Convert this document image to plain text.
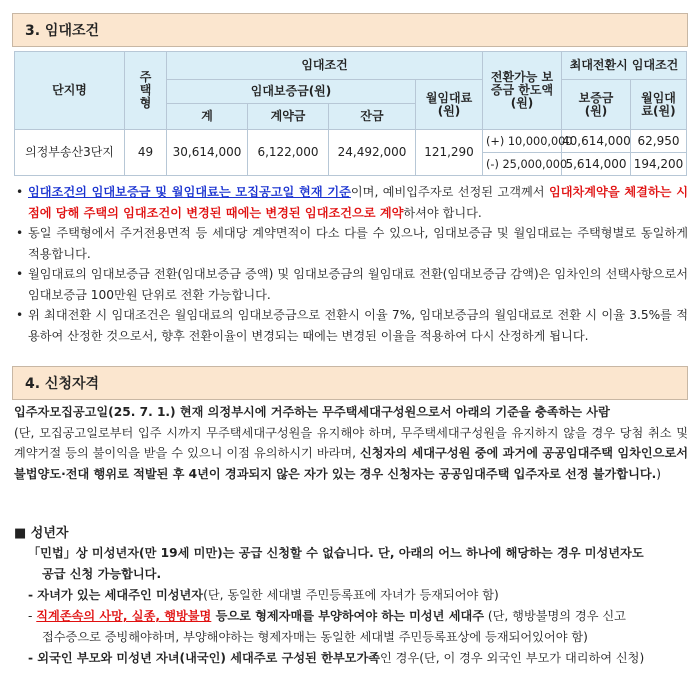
3. 임대조건
단지명	주택형	임대조건				전환가능 보증금 한도액(원)	최대전환시 임대조건	
		임대보증금(원)			월임대료(원)		보증금(원)	월임대료(원)
		계	계약금	잔금				
의정부송산3단지	49	30,614,000	6,122,000	24,492,000	121,290	(+) 10,000,000	40,614,000	62,950
						(-) 25,000,000	5,614,000	194,200
• 임대조건의 임대보증금 및 월임대료는 모집공고일 현재 기준이며, 예비입주자로 선정된 고객께서 임대차계약을 체결하는 시점에 당해 주택의 임대조건이 변경된 때에는 변경된 임대조건으로 계약하셔야 합니다.
• 동일 주택형에서 주거전용면적 등 세대당 계약면적이 다소 다를 수 있으나, 임대보증금 및 월임대료는 주택형별로 동일하게 적용합니다.
• 월임대료의 임대보증금 전환(임대보증금 증액) 및 임대보증금의 월임대료 전환(임대보증금 감액)은 임차인의 선택사항으로서 임대보증금 100만원 단위로 전환 가능합니다.
• 위 최대전환 시 임대조건은 월임대료의 임대보증금으로 전환시 이율 7%, 임대보증금의 월임대료로 전환 시 이율 3.5%를 적용하여 산정한 것으로서, 향후 전환이율이 변경되는 때에는 변경된 이율을 적용하여 다시 산정하게 됩니다.
4. 신청자격
입주자모집공고일(25. 7. 1.) 현재 의정부시에 거주하는 무주택세대구성원으로서 아래의 기준을 충족하는 사람
(단, 모집공고일로부터 입주 시까지 무주택세대구성원을 유지해야 하며, 무주택세대구성원을 유지하지 않을 경우 당첨 취소 및 계약거절 등의 불이익을 받을 수 있으니 이점 유의하시기 바라며, 신청자의 세대구성원 중에 과거에 공공임대주택 임차인으로서 불법양도·전대 행위로 적발된 후 4년이 경과되지 않은 자가 있는 경우 신청자는 공공임대주택 입주자로 선정 불가합니다.)
■ 성년자
「민법」상 미성년자(만 19세 미만)는 공급 신청할 수 없습니다. 단, 아래의 어느 하나에 해당하는 경우 미성년자도
공급 신청 가능합니다.
- 자녀가 있는 세대주인 미성년자(단, 동일한 세대별 주민등록표에 자녀가 등재되어야 함)
- 직계존속의 사망, 실종, 행방불명 등으로 형제자매를 부양하여야 하는 미성년 세대주 (단, 행방불명의 경우 신고
접수증으로 증빙해야하며, 부양해야하는 형제자매는 동일한 세대별 주민등록표상에 등재되어있어야 함)
- 외국인 부모와 미성년 자녀(내국인) 세대주로 구성된 한부모가족인 경우(단, 이 경우 외국인 부모가 대리하여 신청)
